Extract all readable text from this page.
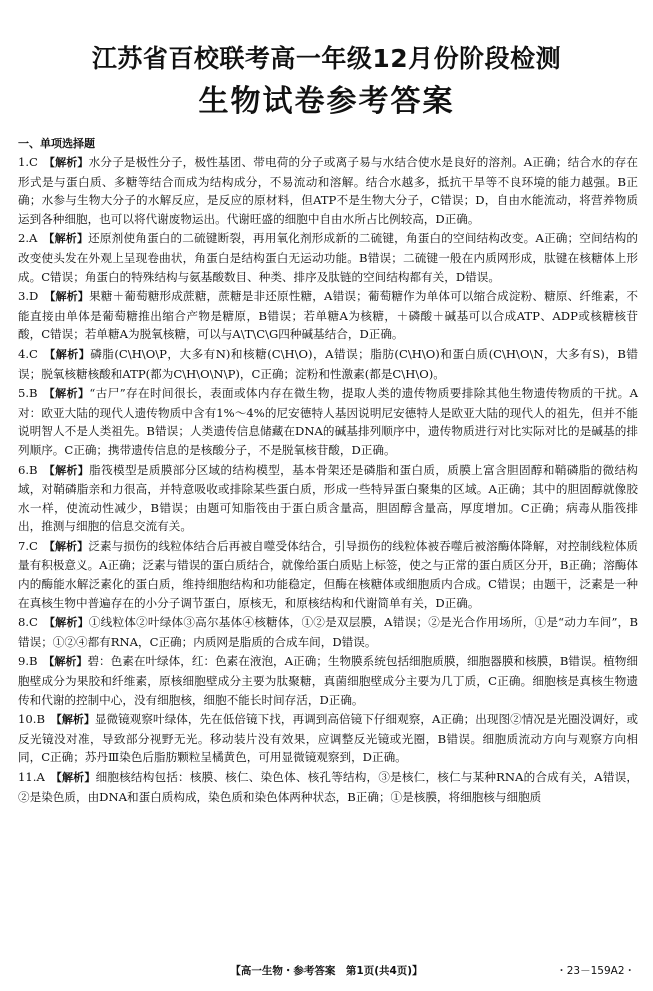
江苏省百校联考高一年级12月份阶段检测
生物试卷参考答案
一、单项选择题

1.C  【解析】水分子是极性分子，极性基团、带电荷的分子或离子易与水结合使水是良好的溶剂。A正确；结合水的存在形式是与蛋白质、多糖等结合而成为结构成分，不易流动和溶解。结合水越多，抵抗干旱等不良环境的能力越强。B正确；水参与生物大分子的水解反应，是反应的原材料，但ATP不是生物大分子，C错误；D，自由水能流动，将营养物质运到各种细胞，也可以将代谢废物运出。代谢旺盛的细胞中自由水所占比例较高，D正确。

2.A  【解析】还原剂使角蛋白的二硫键断裂，再用氧化剂形成新的二硫键，角蛋白的空间结构改变。A正确；空间结构的改变使头发在外观上呈现卷曲状，角蛋白是结构蛋白无运动功能。B错误；二硫键一般在内质网形成，肽键在核糖体上形成。C错误；角蛋白的特殊结构与氨基酸数目、种类、排序及肽链的空间结构都有关，D错误。

3.D  【解析】果糖＋葡萄糖形成蔗糖，蔗糖是非还原性糖，A错误；葡萄糖作为单体可以缩合成淀粉、糖原、纤维素，不能直接由单体是葡萄糖推出缩合产物是糖原，B错误；若单糖A为核糖，＋磷酸＋碱基可以合成ATP、ADP或核糖核苷酸，C错误；若单糖A为脱氧核糖，可以与A\T\C\G四种碱基结合，D正确。

4.C  【解析】磷脂(C\H\O\P，大多有N)和核糖(C\H\O)，A错误；脂肪(C\H\O)和蛋白质(C\H\O\N，大多有S)，B错误；脱氧核糖核酸和ATP(都为C\H\O\N\P)，C正确；淀粉和性激素(都是C\H\O)。

5.B  【解析】“古尸”存在时间很长，表面或体内存在微生物，提取人类的遗传物质要排除其他生物遗传物质的干扰。A对：欧亚大陆的现代人遗传物质中含有1%～4%的尼安德特人基因说明尼安德特人是欧亚大陆的现代人的祖先，但并不能说明智人不是人类祖先。B错误；人类遗传信息储藏在DNA的碱基排列顺序中，遗传物质进行对比实际对比的是碱基的排列顺序。C正确；携带遗传信息的是核酸分子，不是脱氧核苷酸，D正确。

6.B  【解析】脂筏模型是质膜部分区域的结构模型，基本骨架还是磷脂和蛋白质，质膜上富含胆固醇和鞘磷脂的微结构域，对鞘磷脂亲和力很高，并特意吸收或排除某些蛋白质，形成一些特异蛋白聚集的区域。A正确；其中的胆固醇就像胶水一样，使流动性减少，B错误；由题可知脂筏由于蛋白质含量高，胆固醇含量高，厚度增加。C正确；病毒从脂筏排出，推测与细胞的信息交流有关。

7.C  【解析】泛素与损伤的线粒体结合后再被自噬受体结合，引导损伤的线粒体被吞噬后被溶酶体降解，对控制线粒体质量有积极意义。A正确；泛素与错误的蛋白质结合，就像给蛋白质贴上标签，使之与正常的蛋白质区分开，B正确；溶酶体内的酶能水解泛素化的蛋白质，维持细胞结构和功能稳定，但酶在核糖体或细胞质内合成。C错误；由题干，泛素是一种在真核生物中普遍存在的小分子调节蛋白，原核无，和原核结构和代谢简单有关，D正确。

8.C  【解析】①线粒体②叶绿体③高尔基体④核糖体，①②是双层膜，A错误；②是光合作用场所，①是“动力车间”，B错误；①②④都有RNA，C正确；内质网是脂质的合成车间，D错误。

9.B  【解析】碧：色素在叶绿体，红：色素在液泡，A正确；生物膜系统包括细胞质膜，细胞器膜和核膜，B错误。植物细胞壁成分为果胶和纤维素，原核细胞壁成分主要为肽聚糖，真菌细胞壁成分主要为几丁质，C正确。细胞核是真核生物遗传和代谢的控制中心，没有细胞核，细胞不能长时间存活，D正确。

10.B  【解析】显微镜观察叶绿体，先在低倍镜下找，再调到高倍镜下仔细观察，A正确；出现图②情况是光圈没调好，或反光镜没对准，导致部分视野无光。移动装片没有效果，应调整反光镜或光圈，B错误。细胞质流动方向与观察方向相同，C正确；苏丹Ⅲ染色后脂肪颗粒呈橘黄色，可用显微镜观察到，D正确。

11.A  【解析】细胞核结构包括：核膜、核仁、染色体、核孔等结构，③是核仁，核仁与某种RNA的合成有关，A错误，②是染色质，由DNA和蛋白质构成，染色质和染色体两种状态，B正确；①是核膜，将细胞核与细胞质

【高一生物・参考答案　第1页(共4页)】	・23－159A2・
